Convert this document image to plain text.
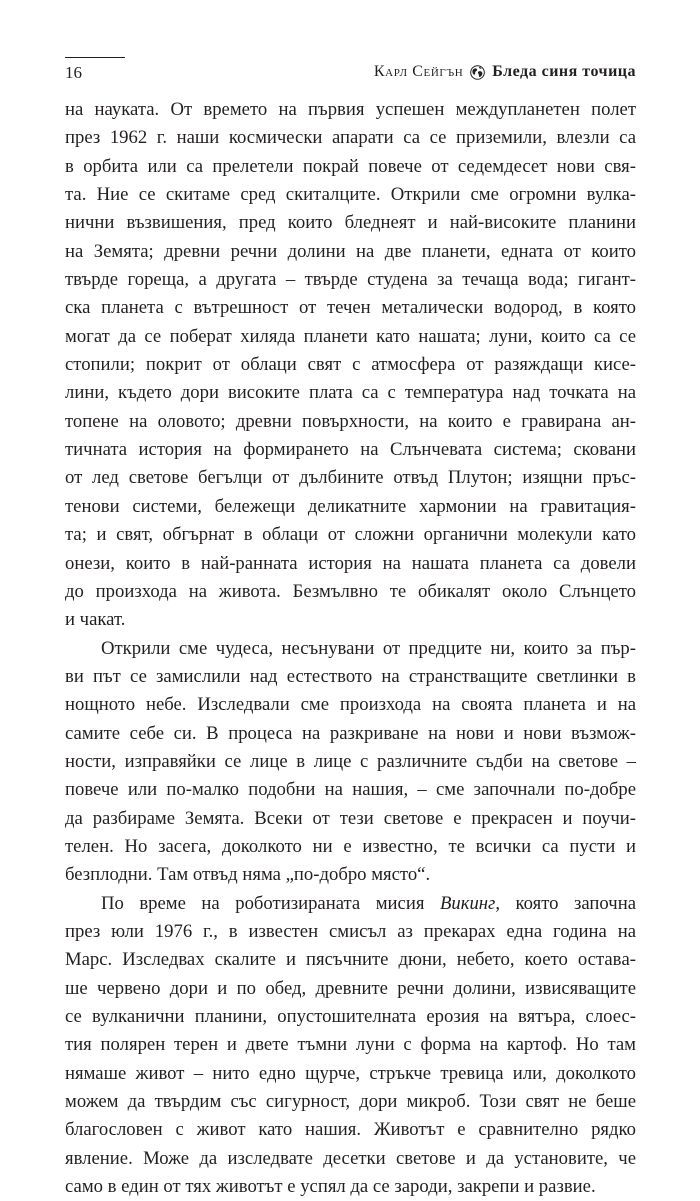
16	Карл Сейгън Бледа синя точица
на науката. От времето на първия успешен междупланетен полет
през 1962 г. наши космически апарати са се приземили, влезли са
в орбита или са прелетели покрай повече от седемдесет нови свя-
та. Ние се скитаме сред скиталците. Открили сме огромни вулка-
нични възвишения, пред които бледнеят и най-високите планини
на Земята; древни речни долини на две планети, едната от които
твърде гореща, а другата – твърде студена за течаща вода; гигант-
ска планета с вътрешност от течен металически водород, в която
могат да се поберат хиляда планети като нашата; луни, които са се
стопили; покрит от облаци свят с атмосфера от разяждащи кисе-
лини, където дори високите плата са с температура над точката на
топене на оловото; древни повърхности, на които е гравирана ан-
тичната история на формирането на Слънчевата система; сковани
от лед светове бегълци от дълбините отвъд Плутон; изящни пръс-
тенови системи, бележещи деликатните хармонии на гравитация-
та; и свят, обгърнат в облаци от сложни органични молекули като
онези, които в най-ранната история на нашата планета са довели
до произхода на живота. Безмълвно те обикалят около Слънцето
и чакат.
Открили сме чудеса, несънувани от предците ни, които за пър-
ви път се замислили над естеството на странстващите светлинки в
нощното небе. Изследвали сме произхода на своята планета и на
самите себе си. В процеса на разкриване на нови и нови възмож-
ности, изправяйки се лице в лице с различните съдби на светове –
повече или по-малко подобни на нашия, – сме започнали по-добре
да разбираме Земята. Всеки от тези светове е прекрасен и поучи-
телен. Но засега, доколкото ни е известно, те всички са пусти и
безплодни. Там отвъд няма „по-добро място“.
По време на роботизираната мисия Викинг, която започна
през юли 1976 г., в известен смисъл аз прекарах една година на
Марс. Изследвах скалите и пясъчните дюни, небето, което оставa-
ше червено дори и по обед, древните речни долини, извисяващите
се вулканични планини, опустошителната ерозия на вятъра, слоес-
тия полярен терен и двете тъмни луни с форма на картоф. Но там
нямаше живот – нито едно щурче, стръкче тревица или, доколкото
можем да твърдим със сигурност, дори микроб. Този свят не беше
благословен с живот като нашия. Животът е сравнително рядко
явление. Може да изследвате десетки светове и да установите, че
само в един от тях животът е успял да се зароди, закрепи и развие.
